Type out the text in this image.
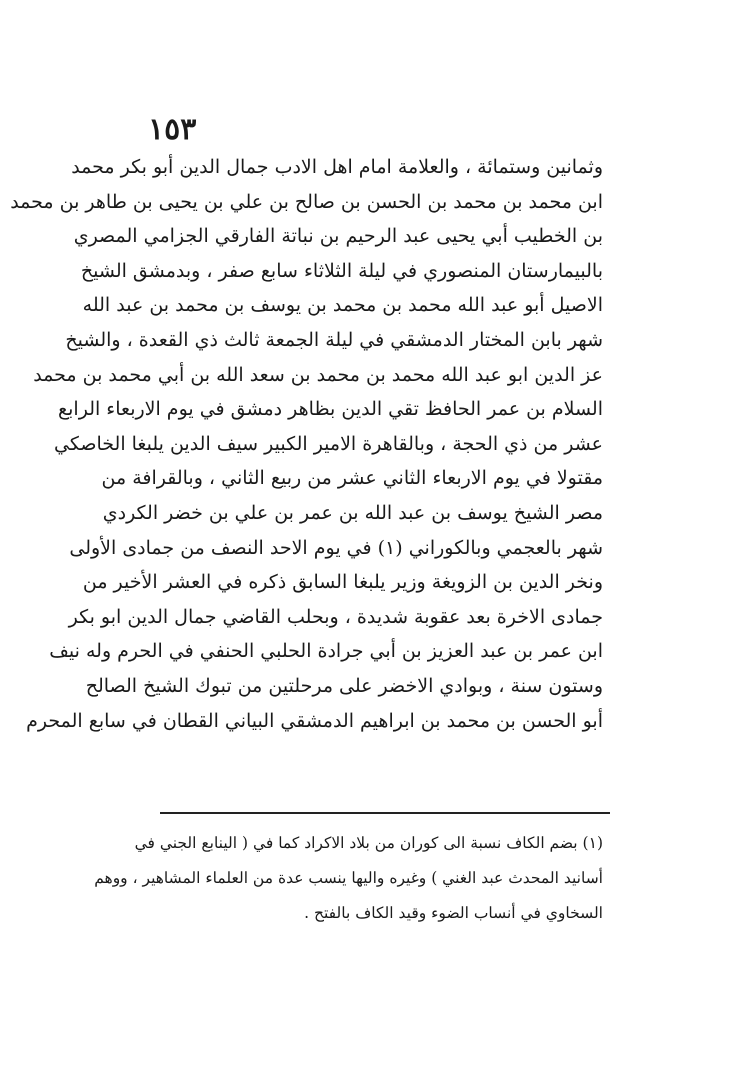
١٥٣
وثمانين وستمائة ، والعلامة امام اهل الادب جمال الدين أبو بكر محمد
ابن محمد بن محمد بن الحسن بن صالح بن علي بن يحيى بن طاهر بن محمد
بن الخطيب أبي يحيى عبد الرحيم بن نباتة الفارقي الجزامي المصري
بالبيمارستان المنصوري في ليلة الثلاثاء سابع صفر ، وبدمشق الشيخ
الاصيل أبو عبد الله محمد بن محمد بن يوسف بن محمد بن عبد الله
شهر بابن المختار الدمشقي في ليلة الجمعة ثالث ذي القعدة ، والشيخ
عز الدين ابو عبد الله محمد بن محمد بن سعد الله بن أبي محمد بن محمد
السلام بن عمر الحافظ تقي الدين بظاهر دمشق في يوم الاربعاء الرابع
عشر من ذي الحجة ، وبالقاهرة الامير الكبير سيف الدين يلبغا الخاصكي
مقتولا في يوم الاربعاء الثاني عشر من ربيع الثاني ، وبالقرافة من
مصر الشيخ يوسف بن عبد الله بن عمر بن علي بن خضر الكردي
شهر بالعجمي وبالكوراني (١) في يوم الاحد النصف من جمادى الأولى
ونخر الدين بن الزويغة وزير يلبغا السابق ذكره في العشر الأخير من
جمادى الاخرة بعد عقوبة شديدة ، وبحلب القاضي جمال الدين ابو بكر
ابن عمر بن عبد العزيز بن أبي جرادة الحلبي الحنفي في الحرم وله نيف
وستون سنة ، وبوادي الاخضر على مرحلتين من تبوك الشيخ الصالح
أبو الحسن بن محمد بن ابراهيم الدمشقي البياني القطان في سابع المحرم
(١) بضم الكاف نسبة الى كوران من بلاد الاكراد كما في ( الينابع الجني في
أسانيد المحدث عبد الغني ) وغيره واليها ينسب عدة من العلماء المشاهير ، ووهم
السخاوي في أنساب الضوء وقيد الكاف بالفتح .
